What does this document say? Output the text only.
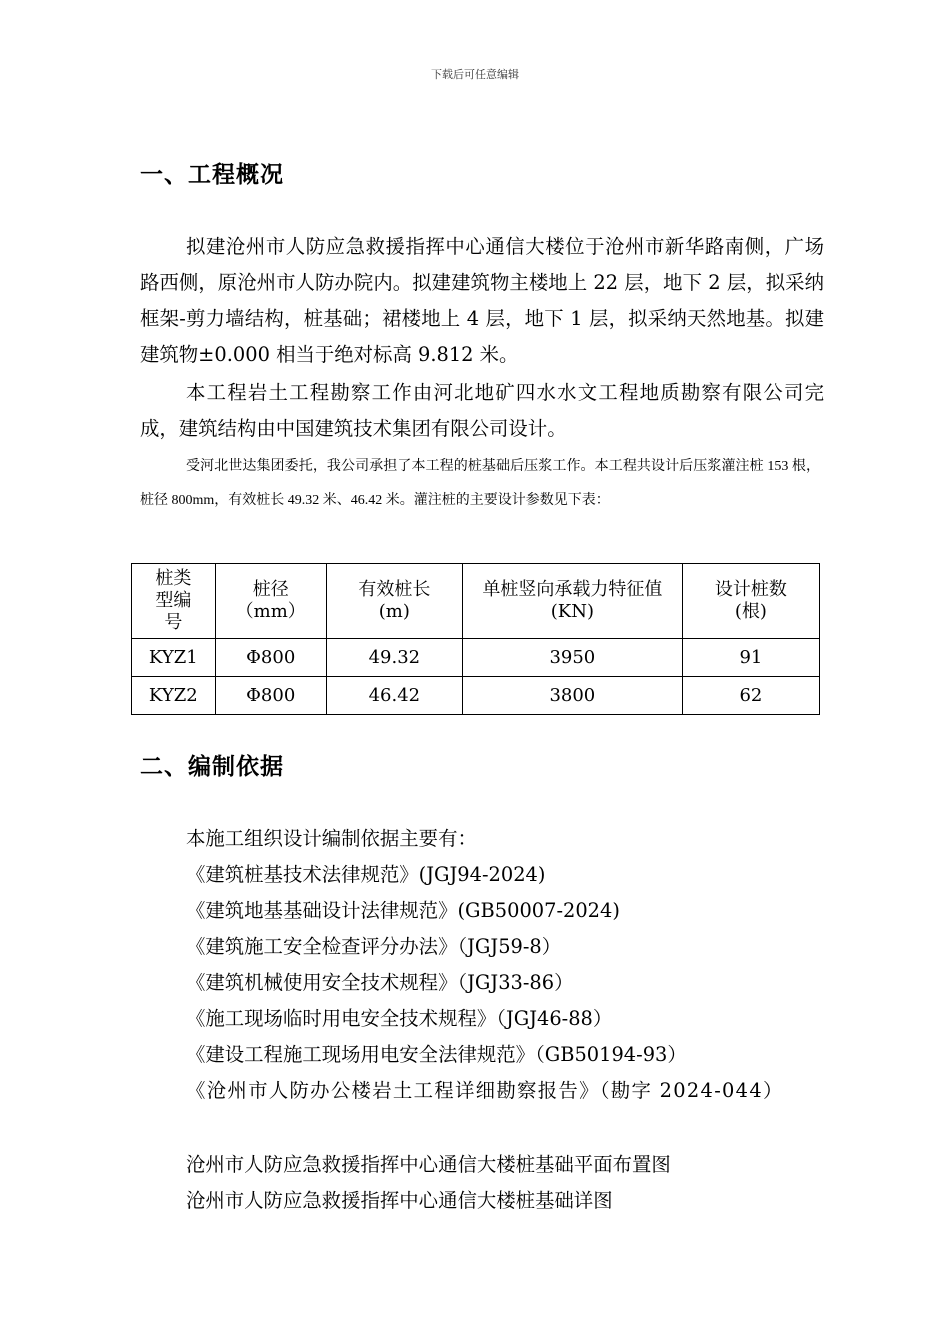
下载后可任意编辑
一、工程概况
拟建沧州市人防应急救援指挥中心通信大楼位于沧州市新华路南侧，广场路西侧，原沧州市人防办院内。拟建建筑物主楼地上 22 层，地下 2 层，拟采纳框架-剪力墙结构，桩基础；裙楼地上 4 层，地下 1 层，拟采纳天然地基。拟建建筑物±0.000 相当于绝对标高 9.812 米。
本工程岩土工程勘察工作由河北地矿四水水文工程地质勘察有限公司完成，建筑结构由中国建筑技术集团有限公司设计。
受河北世达集团委托，我公司承担了本工程的桩基础后压浆工作。本工程共设计后压浆灌注桩 153 根，桩径 800mm，有效桩长 49.32 米、46.42 米。灌注桩的主要设计参数见下表：
桩类型编号	桩径（mm）	有效桩长(m)	单桩竖向承载力特征值(KN)	设计桩数(根)
KYZ1	Φ800	49.32	3950	91
KYZ2	Φ800	46.42	3800	62
二、编制依据
本施工组织设计编制依据主要有：
《建筑桩基技术法律规范》(JGJ94-2024)
《建筑地基基础设计法律规范》(GB50007-2024)
《建筑施工安全检查评分办法》（JGJ59-8）
《建筑机械使用安全技术规程》（JGJ33-86）
《施工现场临时用电安全技术规程》（JGJ46-88）
《建设工程施工现场用电安全法律规范》（GB50194-93）
《沧州市人防办公楼岩土工程详细勘察报告》（勘字 2024-044）
沧州市人防应急救援指挥中心通信大楼桩基础平面布置图
沧州市人防应急救援指挥中心通信大楼桩基础详图
